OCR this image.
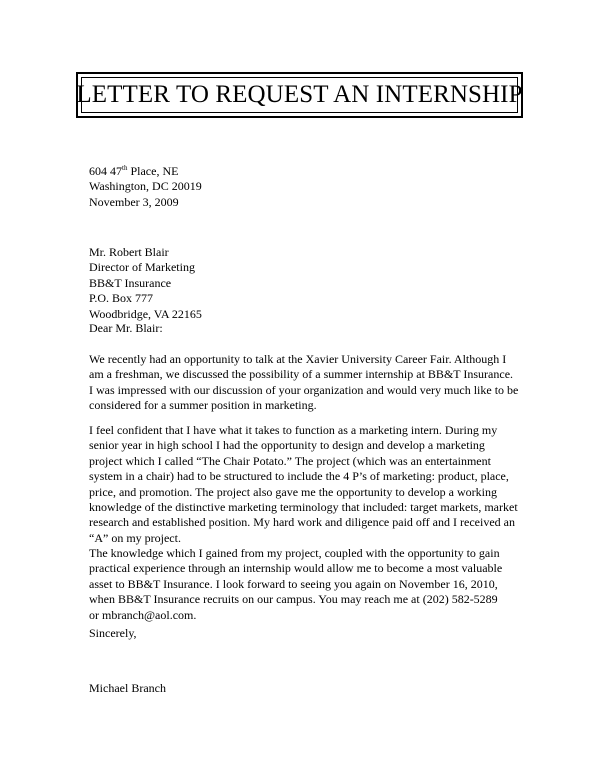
LETTER TO REQUEST AN INTERNSHIP
604 47th Place, NE
Washington, DC 20019
November 3, 2009
Mr. Robert Blair
Director of Marketing
BB&T Insurance
P.O. Box 777
Woodbridge, VA 22165
Dear Mr. Blair:
We recently had an opportunity to talk at the Xavier University Career Fair. Although I
am a freshman, we discussed the possibility of a summer internship at BB&T Insurance.
I was impressed with our discussion of your organization and would very much like to be
considered for a summer position in marketing.
I feel confident that I have what it takes to function as a marketing intern. During my
senior year in high school I had the opportunity to design and develop a marketing
project which I called “The Chair Potato.” The project (which was an entertainment
system in a chair) had to be structured to include the 4 P’s of marketing: product, place,
price, and promotion. The project also gave me the opportunity to develop a working
knowledge of the distinctive marketing terminology that included: target markets, market
research and established position. My hard work and diligence paid off and I received an
“A” on my project.
The knowledge which I gained from my project, coupled with the opportunity to gain
practical experience through an internship would allow me to become a most valuable
asset to BB&T Insurance. I look forward to seeing you again on November 16, 2010,
when BB&T Insurance recruits on our campus. You may reach me at (202) 582-5289
or mbranch@aol.com.
Sincerely,
Michael Branch
